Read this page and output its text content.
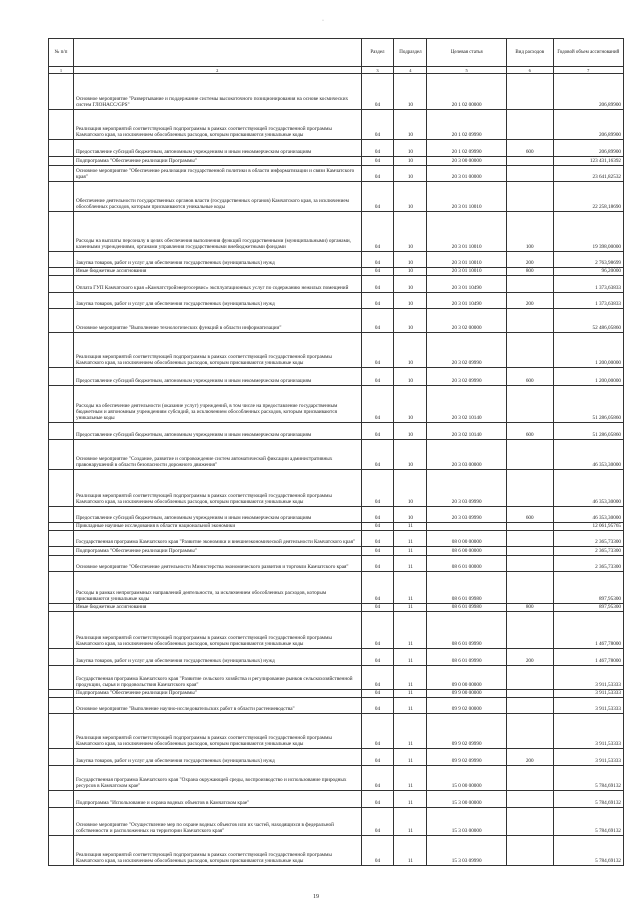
·
№ п/п		Раздел	Подраздел	Целевая статья	Вид расходов	Годовой объем ассигнований
1	2	3	4	5	6	7
	Основное мероприятие "Развертывание и поддержание системы высокоточного позиционирования на основе космических систем ГЛОНАСС/GPS"	04	10	20 1 02 00000		206,89900
	Реализация мероприятий соответствующей подпрограммы в рамках соответствующей государственной программы Камчатского края, за исключением обособленных расходов, которым присваиваются уникальные коды	04	10	20 1 02 09990		206,89900
	Предоставление субсидий бюджетным, автономным учреждениям и иным некоммерческим организациям	04	10	20 1 02 09990	600	206,89900
	Подпрограмма "Обеспечение реализации Программы"	04	10	20 3 00 00000		123 431,16392
	Основное мероприятие "Обеспечение реализации государственной политики в области информатизации и связи Камчатского края"	04	10	20 3 01 00000		23 641,82532
	Обеспечение деятельности государственных органов власти (государственных органов) Камчатского края, за исключением обособленных расходов, которым присваиваются уникальные коды	04	10	20 3 01 10010		22 258,18690
	Расходы на выплаты персоналу в целях обеспечения выполнения функций государственными (муниципальными) органами, казенными учреждениями, органами управления государственными внебюджетными фондами	04	10	20 3 01 10010	100	19 398,00000
	Закупка товаров, работ и услуг для обеспечения государственных (муниципальных) нужд	04	10	20 3 01 10010	200	2 763,98699
	Иные бюджетные ассигнования	04	10	20 3 01 10010	800	96,20000
	Оплата ГУП Камчатского края «Камчатстройэнергосервис» эксплуатационных услуг по содержанию нежилых помещений	04	10	20 3 01 10490		1 373,63833
	Закупка товаров, работ и услуг для обеспечения государственных (муниципальных) нужд	04	10	20 3 01 10490	200	1 373,63833
	Основное мероприятие "Выполнение технологических функций в области информатизации"	04	10	20 3 02 00000		52 486,05860
	Реализация мероприятий соответствующей подпрограммы в рамках соответствующей государственной программы Камчатского края, за исключением обособленных расходов, которым присваиваются уникальные коды	04	10	20 3 02 09990		1 200,00000
	Предоставление субсидий бюджетным, автономным учреждениям и иным некоммерческим организациям	04	10	20 3 02 09990	600	1 200,00000
	Расходы на обеспечение деятельности (оказание услуг) учреждений, в том числе на предоставление государственным бюджетным и автономным учреждениям субсидий, за исключением обособленных расходов, которым присваиваются уникальные коды	04	10	20 3 02 10140		51 286,05860
	Предоставление субсидий бюджетным, автономным учреждениям и иным некоммерческим организациям	04	10	20 3 02 10140	600	51 286,05860
	Основное мероприятие "Создание, развитие и сопровождение систем автоматической фиксации административных правонарушений в области безопасности дорожного движения"	04	10	20 3 03 00000		46 353,30000
	Реализация мероприятий соответствующей подпрограммы в рамках соответствующей государственной программы Камчатского края, за исключением обособленных расходов, которым присваиваются уникальные коды	04	10	20 3 03 09990		46 353,30000
	Предоставление субсидий бюджетным, автономным учреждениям и иным некоммерческим организациям	04	10	20 3 03 09990	600	46 353,30000
	Прикладные научные исследования в области национальной экономики	04	11			12 061,95765
	Государственная программа Камчатского края "Развитие экономики и внешнеэкономической деятельности Камчатского края"	04	11	08 0 00 00000		2 365,73300
	Подпрограмма "Обеспечение реализации Программы"	04	11	08 6 00 00000		2 365,73300
	Основное мероприятие "Обеспечение деятельности Министерства экономического развития и торговли Камчатского края"	04	11	08 6 01 00000		2 365,73300
	Расходы в рамках непрограммных направлений деятельности, за исключением обособленных расходов, которым присваиваются уникальные коды	04	11	08 6 01 09980		897,95300
	Иные бюджетные ассигнования	04	11	08 6 01 09980	800	897,95300
	Реализация мероприятий соответствующей подпрограммы в рамках соответствующей государственной программы Камчатского края, за исключением обособленных расходов, которым присваиваются уникальные коды	04	11	08 6 01 09990		1 467,78000
	Закупка товаров, работ и услуг для обеспечения государственных (муниципальных) нужд	04	11	08 6 01 09990	200	1 467,78000
	Государственная программа Камчатского края "Развитие сельского хозяйства и регулирование рынков сельскохозяйственной продукции, сырья и продовольствия Камчатского края"	04	11	09 0 00 00000		3 911,53333
	Подпрограмма "Обеспечение реализации Программы"	04	11	09 9 00 00000		3 911,53333
	Основное мероприятие "Выполнение научно-исследовательских работ в области растениеводства"	04	11	09 9 02 00000		3 911,53333
	Реализация мероприятий соответствующей подпрограммы в рамках соответствующей государственной программы Камчатского края, за исключением обособленных расходов, которым присваиваются уникальные коды	04	11	09 9 02 09990		3 911,53333
	Закупка товаров, работ и услуг для обеспечения государственных (муниципальных) нужд	04	11	09 9 02 09990	200	3 911,53333
	Государственная программа Камчатского края "Охрана окружающей среды, воспроизводство и использование природных ресурсов в Камчатском крае"	04	11	15 0 00 00000		5 784,69132
	Подпрограмма "Использование и охрана водных объектов в Камчатском крае"	04	11	15 3 00 00000		5 784,69132
	Основное мероприятие "Осуществление мер по охране водных объектов или их частей, находящихся в федеральной собственности и расположенных на территории Камчатского края"	04	11	15 3 03 00000		5 784,69132
	Реализация мероприятий соответствующей подпрограммы в рамках соответствующей государственной программы Камчатского края, за исключением обособленных расходов, которым присваиваются уникальные коды	04	11	15 3 03 09990		5 784,69132
19
